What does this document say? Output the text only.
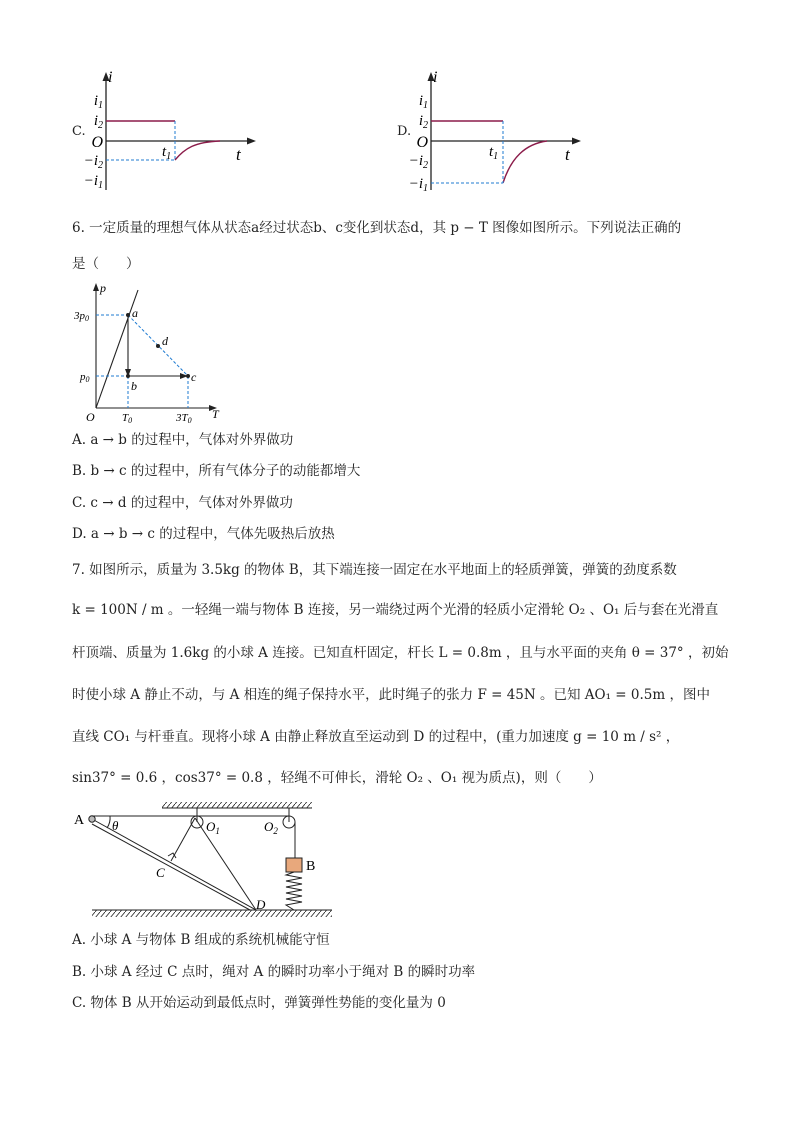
C.
i
$i_1$
$i_2$
O
$-i_2$
$-i_1$
$t_1$	t
D.
i
$i_1$
$i_2$
O
$-i_2$
$-i_1$
$t_1$	t
6. 一定质量的理想气体从状态a经过状态b、c变化到状态d，其 p − T 图像如图所示。下列说法正确的
是（　　）
p
T
O
3p0
p0
T0	3T0
a
b
c
d
A. a → b 的过程中，气体对外界做功
B. b → c 的过程中，所有气体分子的动能都增大
C. c → d 的过程中，气体对外界做功
D. a → b → c 的过程中，气体先吸热后放热
7. 如图所示，质量为 3.5kg 的物体 B，其下端连接一固定在水平地面上的轻质弹簧，弹簧的劲度系数
k = 100N / m 。一轻绳一端与物体 B 连接，另一端绕过两个光滑的轻质小定滑轮 O₂ 、O₁ 后与套在光滑直
杆顶端、质量为 1.6kg 的小球 A 连接。已知直杆固定，杆长 L = 0.8m ，且与水平面的夹角 θ = 37° ，初始
时使小球 A 静止不动，与 A 相连的绳子保持水平，此时绳子的张力 F = 45N 。已知 AO₁ = 0.5m ，图中
直线 CO₁ 与杆垂直。现将小球 A 由静止释放直至运动到 D 的过程中，(重力加速度 g = 10 m / s² ，
sin37° = 0.6 ，cos37° = 0.8 ，轻绳不可伸长，滑轮 O₂ 、O₁ 视为质点)，则（　　）
A θ	$O_1$	$O_2$
B
C
D
A. 小球 A 与物体 B 组成的系统机械能守恒
B. 小球 A 经过 C 点时，绳对 A 的瞬时功率小于绳对 B 的瞬时功率
C. 物体 B 从开始运动到最低点时，弹簧弹性势能的变化量为 0
